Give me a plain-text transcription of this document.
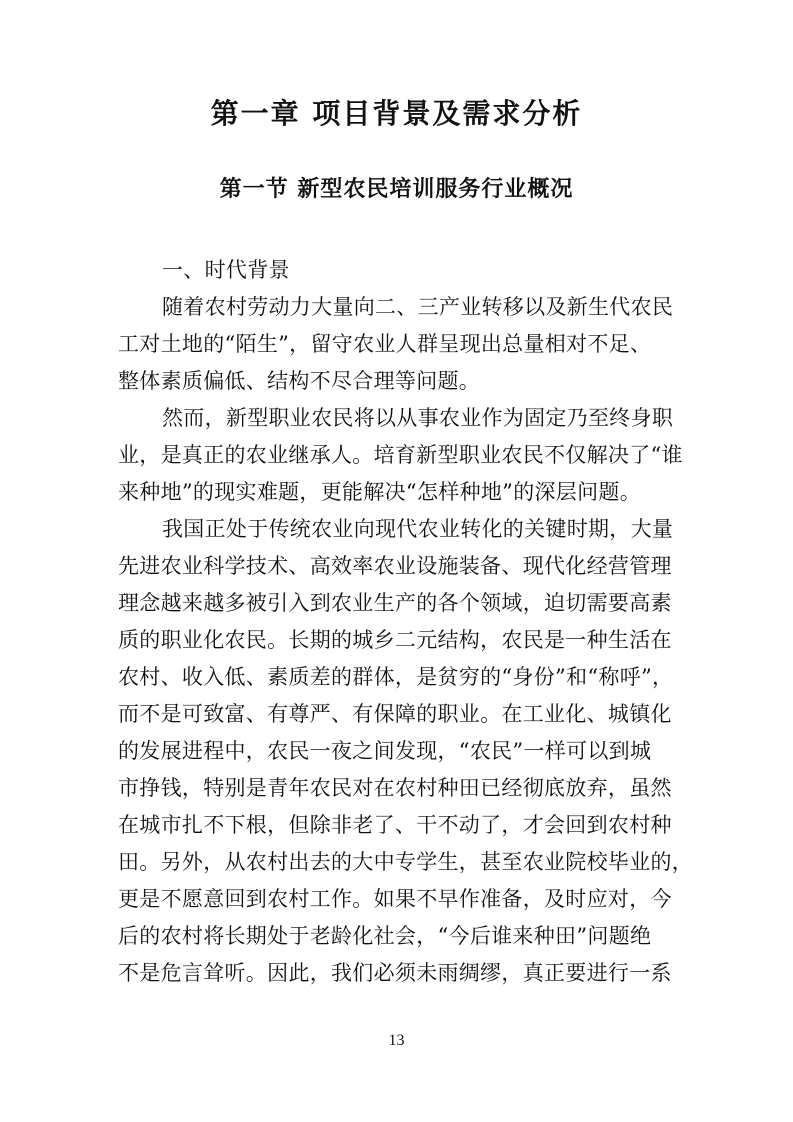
第一章 项目背景及需求分析
第一节 新型农民培训服务行业概况
一、时代背景
随着农村劳动力大量向二、三产业转移以及新生代农民
工对土地的“陌生”，留守农业人群呈现出总量相对不足、
整体素质偏低、结构不尽合理等问题。
然而，新型职业农民将以从事农业作为固定乃至终身职
业，是真正的农业继承人。培育新型职业农民不仅解决了“谁
来种地”的现实难题，更能解决“怎样种地”的深层问题。
我国正处于传统农业向现代农业转化的关键时期，大量
先进农业科学技术、高效率农业设施装备、现代化经营管理
理念越来越多被引入到农业生产的各个领域，迫切需要高素
质的职业化农民。长期的城乡二元结构，农民是一种生活在
农村、收入低、素质差的群体，是贫穷的“身份”和“称呼”，
而不是可致富、有尊严、有保障的职业。在工业化、城镇化
的发展进程中，农民一夜之间发现，“农民”一样可以到城
市挣钱，特别是青年农民对在农村种田已经彻底放弃，虽然
在城市扎不下根，但除非老了、干不动了，才会回到农村种
田。另外，从农村出去的大中专学生，甚至农业院校毕业的，
更是不愿意回到农村工作。如果不早作准备，及时应对，今
后的农村将长期处于老龄化社会，“今后谁来种田”问题绝
不是危言耸听。因此，我们必须未雨绸缪，真正要进行一系
13
